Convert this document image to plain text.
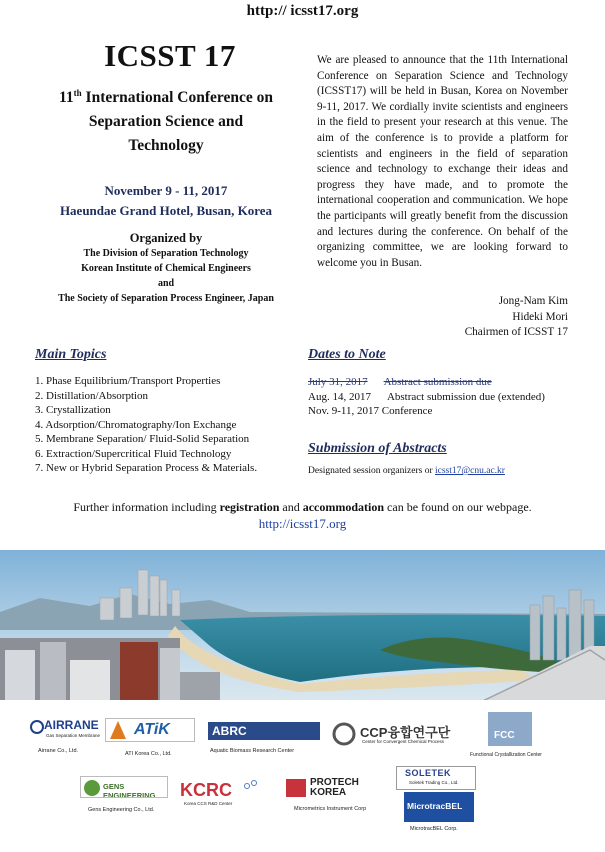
http:// icsst17.org
ICSST 17
11th International Conference on
Separation Science and
Technology
November 9 - 11, 2017
Haeundae Grand Hotel, Busan, Korea
Organized by
The Division of Separation Technology
Korean Institute of Chemical Engineers
and
The Society of Separation Process Engineer, Japan
We are pleased to announce that the 11th International Conference on Separation Science and Technology (ICSST17) will be held in Busan, Korea on November 9-11, 2017. We cordially invite scientists and engineers in the field to present your research at this venue. The aim of the conference is to provide a platform for scientists and engineers in the field of separation science and technology to exchange their ideas and progress they have made, and to promote the international cooperation and communication. We hope the participants will greatly benefit from the discussion and lectures during the conference. On behalf of the organizing committee, we are looking forward to welcome you in Busan.
Jong-Nam Kim
Hideki Mori
Chairmen of ICSST 17
Main Topics
1. Phase Equilibrium/Transport Properties
2. Distillation/Absorption
3. Crystallization
4. Adsorption/Chromatography/Ion Exchange
5. Membrane Separation/ Fluid-Solid Separation
6. Extraction/Supercritical Fluid Technology
7. New or Hybrid Separation Process & Materials.
Dates to Note
July 31, 2017 Abstract submission due
Aug. 14, 2017 Abstract submission due (extended)
Nov. 9-11, 2017 Conference
Submission of Abstracts
Designated session organizers or icsst17@cnu.ac.kr
Further information including registration and accommodation can be found on our webpage.
http://icsst17.org
AIRRANE
Gas Separation Membrane
Airrane Co., Ltd.
ATiK
ATI Korea Co., Ltd.
ABRC
Aquatic Biomass Research Center
CCP융합연구단
Center for Convergent Chemical Process
FCC
Functional Crystallization Center
GENS ENGINEERING
Gens Engineering Co., Ltd.
KCRC
Korea CCS R&D Center
PROTECH
KOREA
Micrometrics Instrument Corp
SOLETEK
Soletek Trading Co., Ltd.
MicrotracBEL
MicrotracBEL Corp.
